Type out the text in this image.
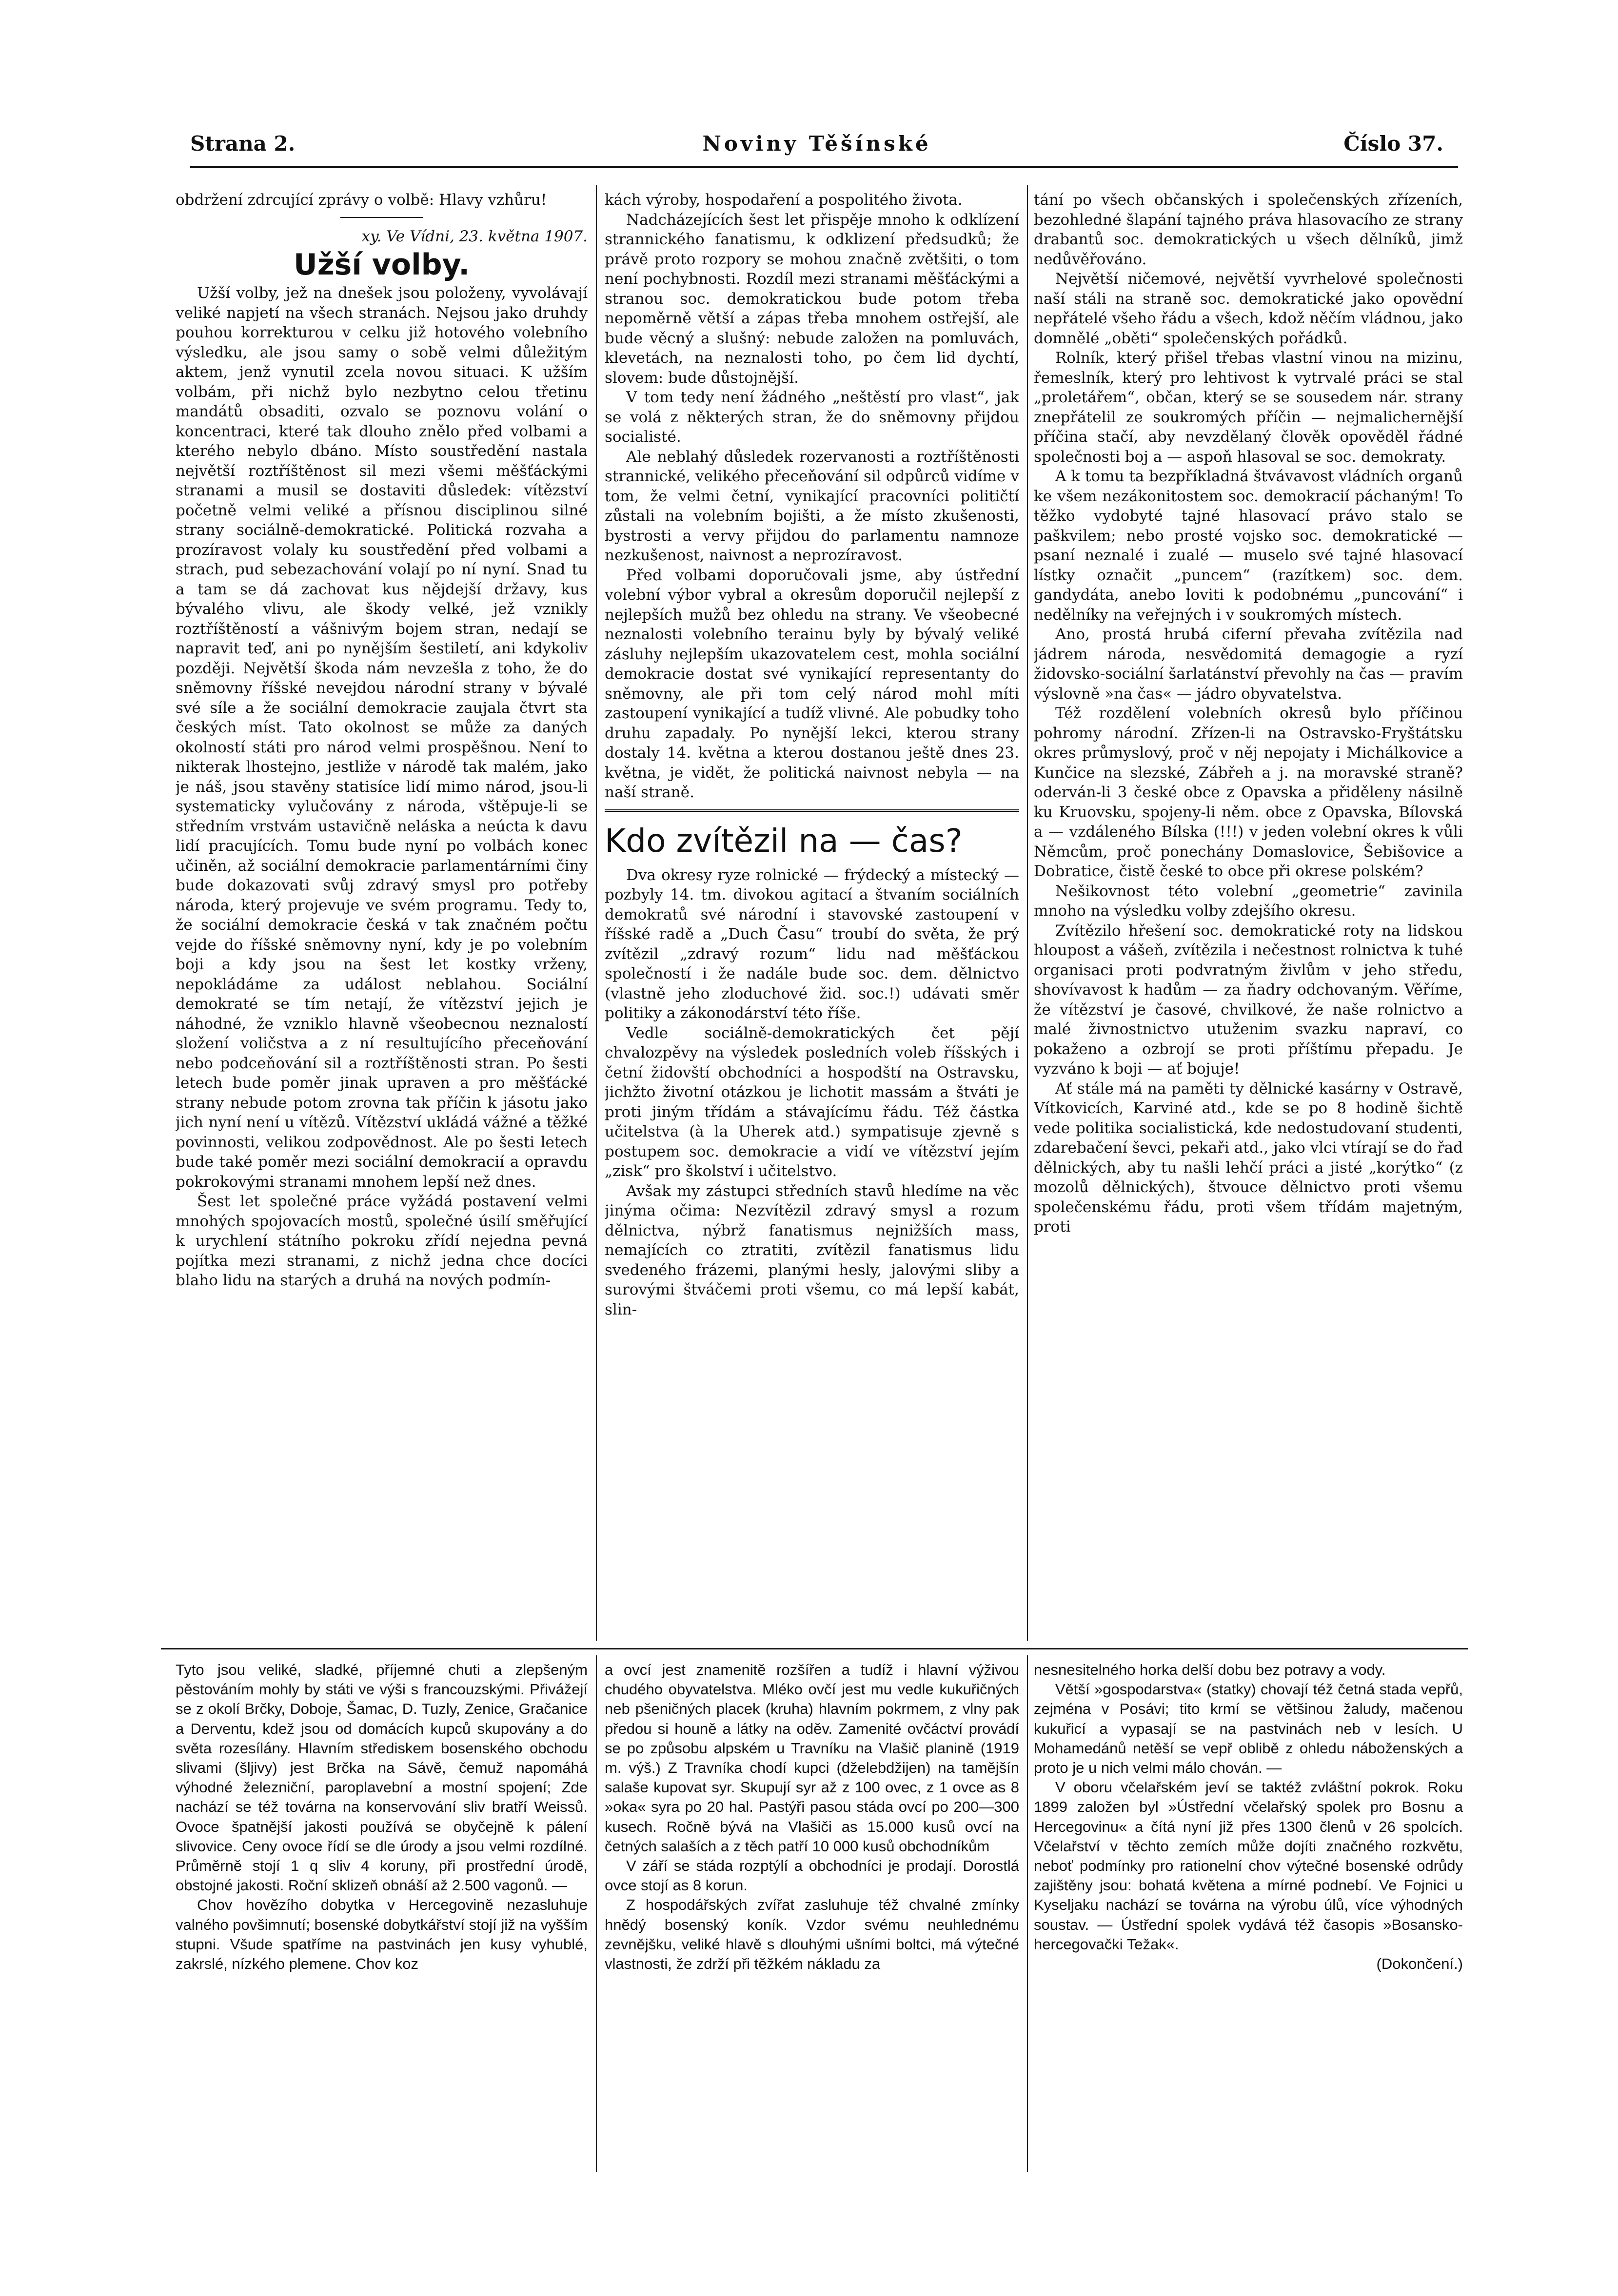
Strana 2.	Noviny Těšínské	Číslo 37.

obdržení zdrcující zprávy o volbě: Hlavy vzhůru!

xy. Ve Vídni, 23. května 1907.

Užší volby.

Užší volby, jež na dnešek jsou položeny, vyvolávají veliké napjetí na všech stranách. Nejsou jako druhdy pouhou korrekturou v celku již hotového volebního výsledku, ale jsou samy o sobě velmi důležitým aktem, jenž vynutil zcela novou situaci. K užším volbám, při nichž bylo nezbytno celou třetinu mandátů obsaditi, ozvalo se poznovu volání o koncentraci, které tak dlouho znělo před volbami a kterého nebylo dbáno. Místo soustředění nastala největší roztříštěnost sil mezi všemi měšťáckými stranami a musil se dostaviti důsledek: vítězství početně velmi veliké a přísnou disciplinou silné strany sociálně-demokratické. Politická rozvaha a prozíravost volaly ku soustředění před volbami a strach, pud sebezachování volají po ní nyní. Snad tu a tam se dá zachovat kus nějdejší državy, kus bývalého vlivu, ale škody velké, jež vznikly roztříštěností a vášnivým bojem stran, nedají se napravit teď, ani po nynějším šestiletí, ani kdykoliv později. Největší škoda nám nevzešla z toho, že do sněmovny říšské nevejdou národní strany v bývalé své síle a že sociální demokracie zaujala čtvrt sta českých míst. Tato okolnost se může za daných okolností státi pro národ velmi prospěšnou. Není to nikterak lhostejno, jestliže v národě tak malém, jako je náš, jsou stavěny statisíce lidí mimo národ, jsou-li systematicky vylučovány z národa, vštěpuje-li se středním vrstvám ustavičně neláska a neúcta k davu lidí pracujících. Tomu bude nyní po volbách konec učiněn, až sociální demokracie parlamentárními činy bude dokazovati svůj zdravý smysl pro potřeby národa, který projevuje ve svém programu. Tedy to, že sociální demokracie česká v tak značném počtu vejde do říšské sněmovny nyní, kdy je po volebním boji a kdy jsou na šest let kostky vrženy, nepokládáme za událost neblahou. Sociální demokraté se tím netají, že vítězství jejich je náhodné, že vzniklo hlavně všeobecnou neznalostí složení voličstva a z ní resultujícího přeceňování nebo podceňování sil a roztříštěnosti stran. Po šesti letech bude poměr jinak upraven a pro měšťácké strany nebude potom zrovna tak příčin k jásotu jako jich nyní není u vítězů. Vítězství ukládá vážné a těžké povinnosti, velikou zodpovědnost. Ale po šesti letech bude také poměr mezi sociální demokracií a opravdu pokrokovými stranami mnohem lepší než dnes.

Šest let společné práce vyžádá postavení velmi mnohých spojovacích mostů, společné úsilí směřující k urychlení státního pokroku zřídí nejedna pevná pojítka mezi stranami, z nichž jedna chce docíci blaho lidu na starých a druhá na nových podmín-

kách výroby, hospodaření a pospolitého života.

Nadcházejících šest let přispěje mnoho k odklízení strannického fanatismu, k odklizení předsudků; že právě proto rozpory se mohou značně zvětšiti, o tom není pochybnosti. Rozdíl mezi stranami měšťáckými a stranou soc. demokratickou bude potom třeba nepoměrně větší a zápas třeba mnohem ostřejší, ale bude věcný a slušný: nebude založen na pomluvách, klevetách, na neznalosti toho, po čem lid dychtí, slovem: bude důstojnější.

V tom tedy není žádného „neštěstí pro vlast“, jak se volá z některých stran, že do sněmovny přijdou socialisté.

Ale neblahý důsledek rozervanosti a roztříštěnosti strannické, velikého přeceňování sil odpůrců vidíme v tom, že velmi četní, vynikající pracovníci političtí zůstali na volebním bojišti, a že místo zkušenosti, bystrosti a vervy přijdou do parlamentu namnoze nezkušenost, naivnost a neprozíravost.

Před volbami doporučovali jsme, aby ústřední volební výbor vybral a okresům doporučil nejlepší z nejlepších mužů bez ohledu na strany. Ve všeobecné neznalosti volebního terainu byly by bývalý veliké zásluhy nejlepším ukazovatelem cest, mohla sociální demokracie dostat své vynikající representanty do sněmovny, ale při tom celý národ mohl míti zastoupení vynikající a tudíž vlivné. Ale pobudky toho druhu zapadaly. Po nynější lekci, kterou strany dostaly 14. května a kterou dostanou ještě dnes 23. května, je vidět, že politická naivnost nebyla — na naší straně.

Kdo zvítězil na — čas?

Dva okresy ryze rolnické — frýdecký a místecký — pozbyly 14. tm. divokou agitací a štvaním sociálních demokratů své národní i stavovské zastoupení v říšské radě a „Duch Času“ troubí do světa, že prý zvítězil „zdravý rozum“ lidu nad měšťáckou společností i že nadále bude soc. dem. dělnictvo (vlastně jeho zloduchové žid. soc.!) udávati směr politiky a zákonodárství této říše.

Vedle sociálně-demokratických čet pějí chvalozpěvy na výsledek posledních voleb říšských i četní židovští obchodníci a hospodští na Ostravsku, jichžto životní otázkou je lichotit massám a štváti je proti jiným třídám a stávajícímu řádu. Též částka učitelstva (à la Uherek atd.) sympatisuje zjevně s postupem soc. demokracie a vidí ve vítězství jejím „zisk“ pro školství i učitelstvo.

Avšak my zástupci středních stavů hledíme na věc jinýma očima: Nezvítězil zdravý smysl a rozum dělnictva, nýbrž fanatismus nejnižších mass, nemajících co ztratiti, zvítězil fanatismus lidu svedeného frázemi, planými hesly, jalovými sliby a surovými štváčemi proti všemu, co má lepší kabát, slin-

tání po všech občanských i společenských zřízeních, bezohledné šlapání tajného práva hlasovacího ze strany drabantů soc. demokratických u všech dělníků, jimž nedůvěřováno.

Největší ničemové, největší vyvrhelové společnosti naší stáli na straně soc. demokratické jako opovědní nepřátelé všeho řádu a všech, kdož něčím vládnou, jako domnělé „oběti“ společenských pořádků.

Rolník, který přišel třebas vlastní vinou na mizinu, řemeslník, který pro lehtivost k vytrvalé práci se stal „proletářem“, občan, který se se sousedem nár. strany znepřátelil ze soukromých příčin — nejmalichernější příčina stačí, aby nevzdělaný člověk opověděl řádné společnosti boj a — aspoň hlasoval se soc. demokraty.

A k tomu ta bezpříkladná štvávavost vládních organů ke všem nezákonitostem soc. demokracií páchaným! To těžko vydobyté tajné hlasovací právo stalo se paškvilem; nebo prosté vojsko soc. demokratické — psaní neznalé i zualé — muselo své tajné hlasovací lístky označit „puncem“ (razítkem) soc. dem. gandydáta, anebo loviti k podobnému „puncování“ i nedělníky na veřejných i v soukromých místech.

Ano, prostá hrubá ciferní převaha zvítězila nad jádrem národa, nesvědomitá demagogie a ryzí židovsko-sociální šarlatánství převohly na čas — pravím výslovně »na čas« — jádro obyvatelstva.

Též rozdělení volebních okresů bylo příčinou pohromy národní. Zřízen-li na Ostravsko-Fryštátsku okres průmyslový, proč v něj nepojaty i Michálkovice a Kunčice na slezské, Zábřeh a j. na moravské straně? oderván-li 3 české obce z Opavska a přiděleny násilně ku Kruovsku, spojeny-li něm. obce z Opavska, Bílovská a — vzdáleného Bílska (!!!) v jeden volební okres k vůli Němcům, proč ponechány Domaslovice, Šebišovice a Dobratice, čistě české to obce při okrese polském?

Nešikovnost této volební „geometrie“ zavinila mnoho na výsledku volby zdejšího okresu.

Zvítězilo hřešení soc. demokratické roty na lidskou hloupost a vášeň, zvítězila i nečestnost rolnictva k tuhé organisaci proti podvratným živlům v jeho středu, shovívavost k hadům — za ňadry odchovaným. Věříme, že vítězství je časové, chvilkové, že naše rolnictvo a malé živnostnictvo utuženim svazku napraví, co pokaženo a ozbrojí se proti příštímu přepadu. Je vyzváno k boji — ať bojuje!

Ať stále má na paměti ty dělnické kasárny v Ostravě, Vítkovicích, Karviné atd., kde se po 8 hodině šichtě vede politika socialistická, kde nedostudovaní studenti, zdarebačení ševci, pekaři atd., jako vlci vtírají se do řad dělnických, aby tu našli lehčí práci a jisté „korýtko“ (z mozolů dělnických), štvouce dělnictvo proti všemu společenskému řádu, proti všem třídám majetným, proti

Tyto jsou veliké, sladké, příjemné chuti a zlepšeným pěstováním mohly by státi ve výši s francouzskými. Přivážejí se z okolí Brčky, Doboje, Šamac, D. Tuzly, Zenice, Gračanice a Derventu, kdež jsou od domácích kupců skupovány a do světa rozesílány. Hlavním střediskem bosenského obchodu slivami (šljivy) jest Brčka na Sávě, čemuž napomáhá výhodné železniční, paroplavební a mostní spojení; Zde nachází se též továrna na konservování sliv bratří Weissů. Ovoce špatnější jakosti používá se obyčejně k pálení slivovice. Ceny ovoce řídí se dle úrody a jsou velmi rozdílné. Průměrně stojí 1 q sliv 4 koruny, při prostřední úrodě, obstojné jakosti. Roční sklizeň obnáší až 2.500 vagonů. —

Chov hovězího dobytka v Hercegovině nezasluhuje valného povšimnutí; bosenské dobytkářství stojí již na vyšším stupni. Všude spatříme na pastvinách jen kusy vyhublé, zakrslé, nízkého plemene. Chov koz

a ovcí jest znamenitě rozšířen a tudíž i hlavní výživou chudého obyvatelstva. Mléko ovčí jest mu vedle kukuřičných neb pšeničných placek (kruha) hlavním pokrmem, z vlny pak předou si houně a látky na oděv. Zamenité ovčáctví provádí se po způsobu alpském u Travníku na Vlašič planině (1919 m. výš.) Z Travníka chodí kupci (dželebdžijen) na tamějšín salaše kupovat syr. Skupují syr až z 100 ovec, z 1 ovce as 8 »oka« syra po 20 hal. Pastýři pasou stáda ovcí po 200—300 kusech. Ročně bývá na Vlašiči as 15.000 kusů ovcí na četných salaších a z těch patří 10 000 kusů obchodníkům

V září se stáda rozptýlí a obchodníci je prodají. Dorostlá ovce stojí as 8 korun.

Z hospodářských zvířat zasluhuje též chvalné zmínky hnědý bosenský koník. Vzdor svému neuhlednému zevnějšku, veliké hlavě s dlouhými ušními boltci, má výtečné vlastnosti, že zdrží při těžkém nákladu za

nesnesitelného horka delší dobu bez potravy a vody.

Větší »gospodarstva« (statky) chovají též četná stada vepřů, zejména v Posávi; tito krmí se většinou žaludy, mačenou kukuřicí a vypasají se na pastvinách neb v lesích. U Mohamedánů netěší se vepř oblibě z ohledu náboženských a proto je u nich velmi málo chován. —

V oboru včelařském jeví se taktéž zvláštní pokrok. Roku 1899 založen byl »Ústřední včelařský spolek pro Bosnu a Hercegovinu« a čítá nyní již přes 1300 členů v 26 spolcích. Včelařství v těchto zemích může dojíti značného rozkvětu, neboť podmínky pro rationelní chov výtečné bosenské odrůdy zajištěny jsou: bohatá květena a mírné podnebí. Ve Fojnici u Kyseljaku nachází se továrna na výrobu úlů, více výhodných soustav. — Ústřední spolek vydává též časopis »Bosansko-hercegovački Težak«.

(Dokončení.)
